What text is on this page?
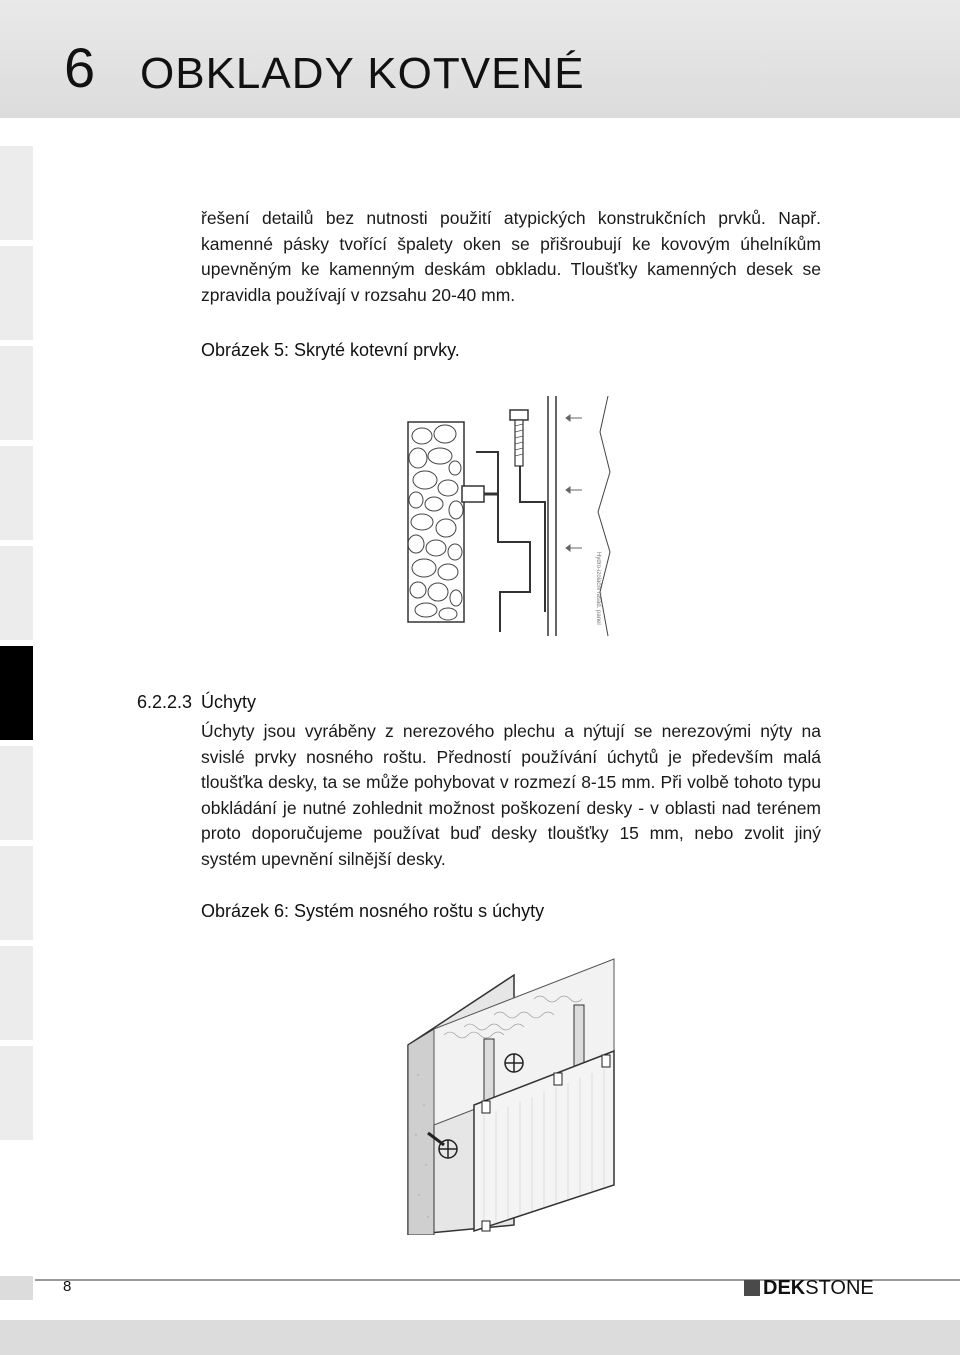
6 OBKLADY KOTVENÉ

řešení detailů bez nutnosti použití atypických konstrukčních prvků. Např. kamenné pásky tvořící špalety oken se přišroubují ke kovovým úhelníkům upevněným ke kamenným deskám obkladu. Tloušťky kamenných desek se zpravidla používají v rozsahu 20-40 mm.

Obrázek 5: Skryté kotevní prvky.

Hydro-izolační fasád. panel
6.2.2.3 Úchyty

Úchyty jsou vyráběny z nerezového plechu a nýtují se nerezovými nýty na svislé prvky nosného roštu. Předností používání úchytů je především malá tloušťka desky, ta se může pohybovat v rozmezí 8-15 mm. Při volbě tohoto typu obkládání je nutné zohlednit možnost poškození desky - v oblasti nad terénem proto doporučujeme používat buď desky tloušťky 15 mm, nebo zvolit jiný systém upevnění silnější desky.

Obrázek 6: Systém nosného roštu s úchyty

8	DEK STONE
